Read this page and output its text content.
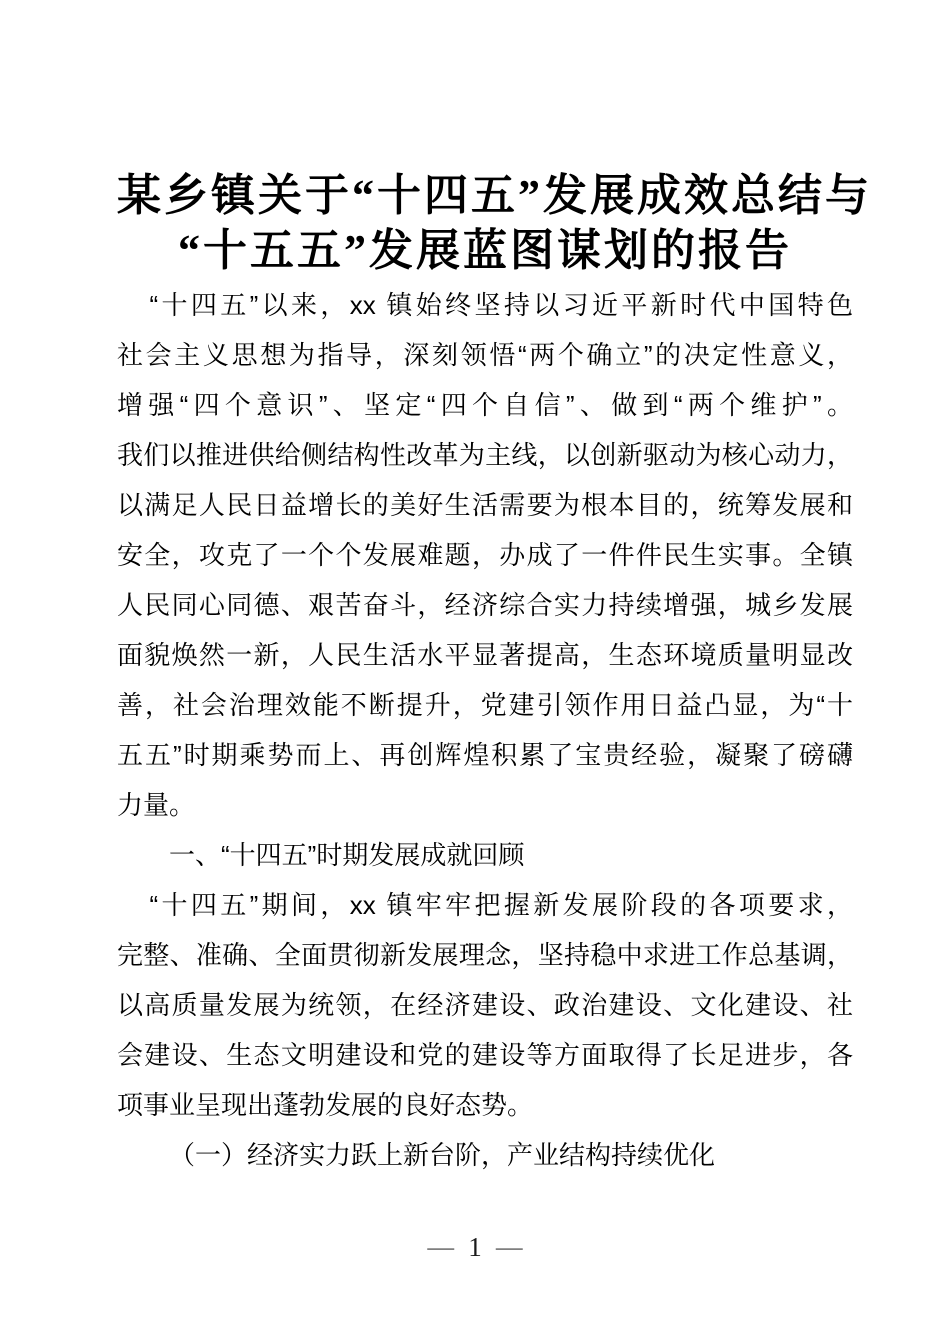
某乡镇关于“十四五”发展成效总结与
“十五五”发展蓝图谋划的报告
“十四五”以来，xx 镇始终坚持以习近平新时代中国特色
社会主义思想为指导，深刻领悟“两个确立”的决定性意义，
增强“四个意识”、坚定“四个自信”、做到“两个维护”。
我们以推进供给侧结构性改革为主线，以创新驱动为核心动力，
以满足人民日益增长的美好生活需要为根本目的，统筹发展和
安全，攻克了一个个发展难题，办成了一件件民生实事。全镇
人民同心同德、艰苦奋斗，经济综合实力持续增强，城乡发展
面貌焕然一新，人民生活水平显著提高，生态环境质量明显改
善，社会治理效能不断提升，党建引领作用日益凸显，为“十
五五”时期乘势而上、再创辉煌积累了宝贵经验，凝聚了磅礴
力量。
一、“十四五”时期发展成就回顾
“十四五”期间，xx 镇牢牢把握新发展阶段的各项要求，
完整、准确、全面贯彻新发展理念，坚持稳中求进工作总基调，
以高质量发展为统领，在经济建设、政治建设、文化建设、社
会建设、生态文明建设和党的建设等方面取得了长足进步，各
项事业呈现出蓬勃发展的良好态势。
（一）经济实力跃上新台阶，产业结构持续优化
— 1 —
